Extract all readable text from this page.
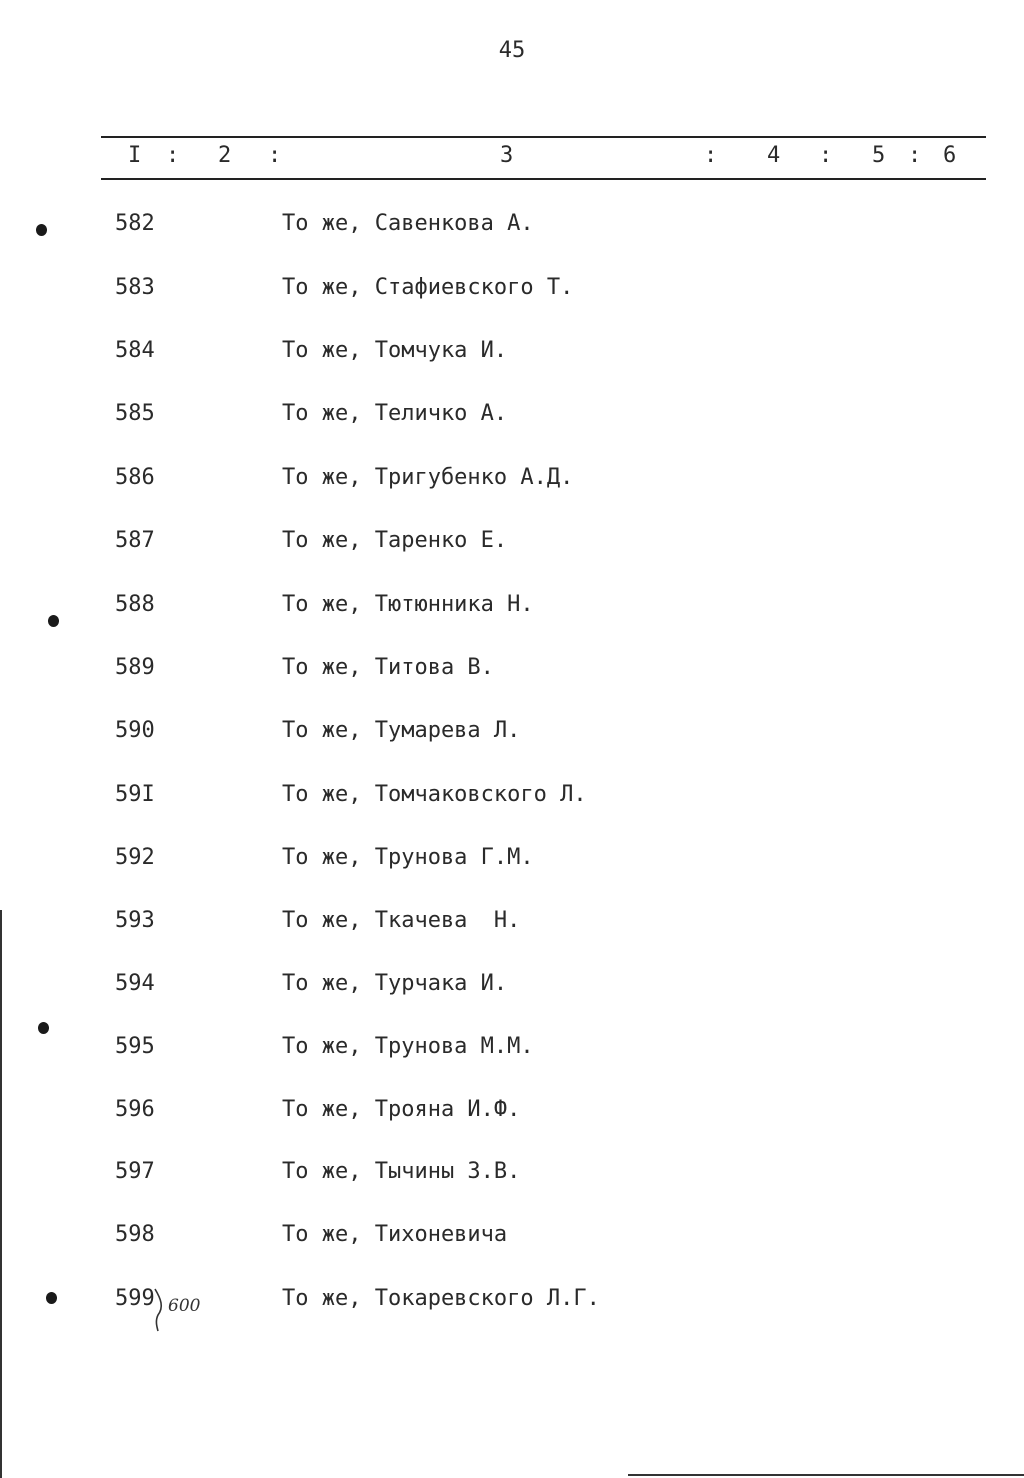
45
I : 2 :	3	: 4 : 5 : 6
582	То же, Савенкова А.
583	То же, Стафиевского Т.
584	То же, Томчука И.
585	То же, Теличко А.
586	То же, Тригубенко А.Д.
587	То же, Таренко Е.
588	То же, Тютюнника Н.
589	То же, Титова В.
590	То же, Тумарева Л.
59I	То же, Томчаковского Л.
592	То же, Трунова Г.М.
593	То же, Ткачева  Н.
594	То же, Турчака И.
595	То же, Трунова М.М.
596	То же, Трояна И.Ф.
597	То же, Тычины З.В.
598	То же, Тихоневича
599	То же, Токаревского Л.Г.
600
